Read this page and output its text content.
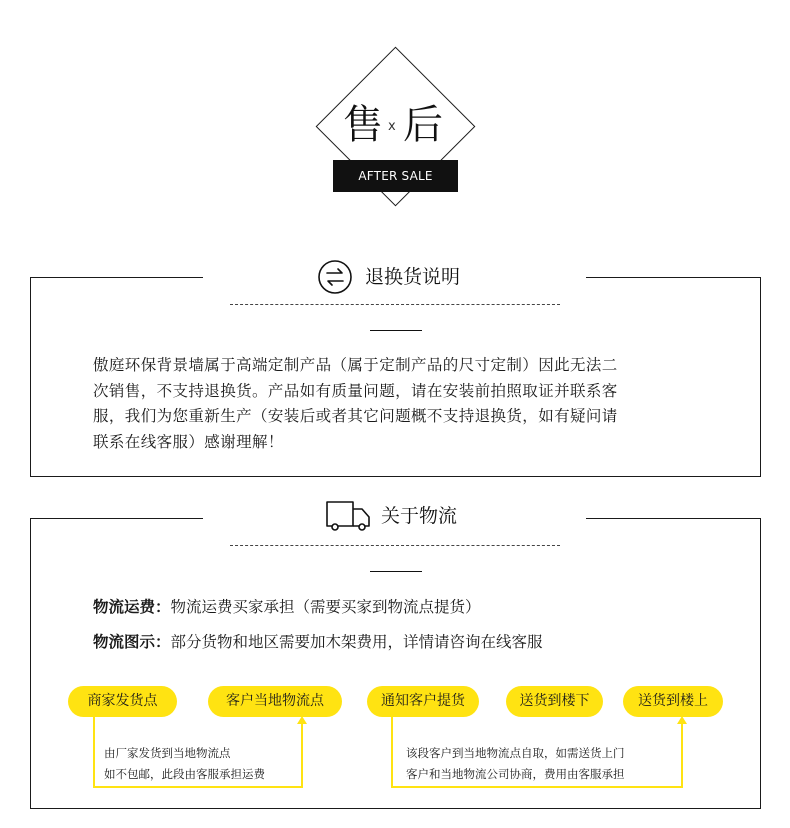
售 x 后
AFTER SALE
退换货说明
傲庭环保背景墙属于高端定制产品（属于定制产品的尺寸定制）因此无法二
次销售，不支持退换货。产品如有质量问题，请在安装前拍照取证并联系客
服，我们为您重新生产（安装后或者其它问题概不支持退换货，如有疑问请
联系在线客服）感谢理解！
关于物流
物流运费：物流运费买家承担（需要买家到物流点提货）
物流图示：部分货物和地区需要加木架费用，详情请咨询在线客服
商家发货点	客户当地物流点	通知客户提货	送货到楼下	送货到楼上
由厂家发货到当地物流点
如不包邮，此段由客服承担运费
该段客户到当地物流点自取，如需送货上门
客户和当地物流公司协商，费用由客服承担
